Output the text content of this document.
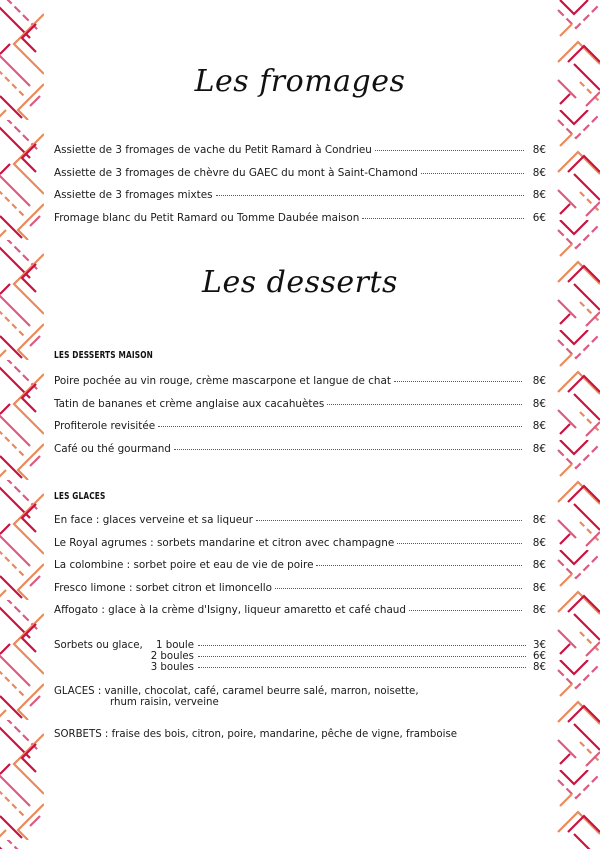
Les fromages
Assiette de 3 fromages de vache du Petit Ramard à Condrieu	8€
Assiette de 3 fromages de chèvre du GAEC du mont à Saint-Chamond	8€
Assiette de 3 fromages mixtes	8€
Fromage blanc du Petit Ramard ou Tomme Daubée maison	6€
Les desserts
LES DESSERTS MAISON
Poire pochée au vin rouge, crème mascarpone et langue de chat	8€
Tatin de bananes et crème anglaise aux cacahuètes	8€
Profiterole revisitée	8€
Café ou thé gourmand	8€
LES GLACES
En face : glaces verveine et sa liqueur	8€
Le Royal agrumes : sorbets mandarine et citron avec champagne	8€
La colombine : sorbet poire et eau de vie de poire	8€
Fresco limone : sorbet citron et limoncello	8€
Affogato : glace à la crème d'Isigny, liqueur amaretto et café chaud	8€
Sorbets ou glace,	1 boule	3€
2 boules	6€
3 boules	8€

GLACES : vanille, chocolat, café, caramel beurre salé, marron, noisette,
rhum raisin, verveine

SORBETS : fraise des bois, citron, poire, mandarine, pêche de vigne, framboise
